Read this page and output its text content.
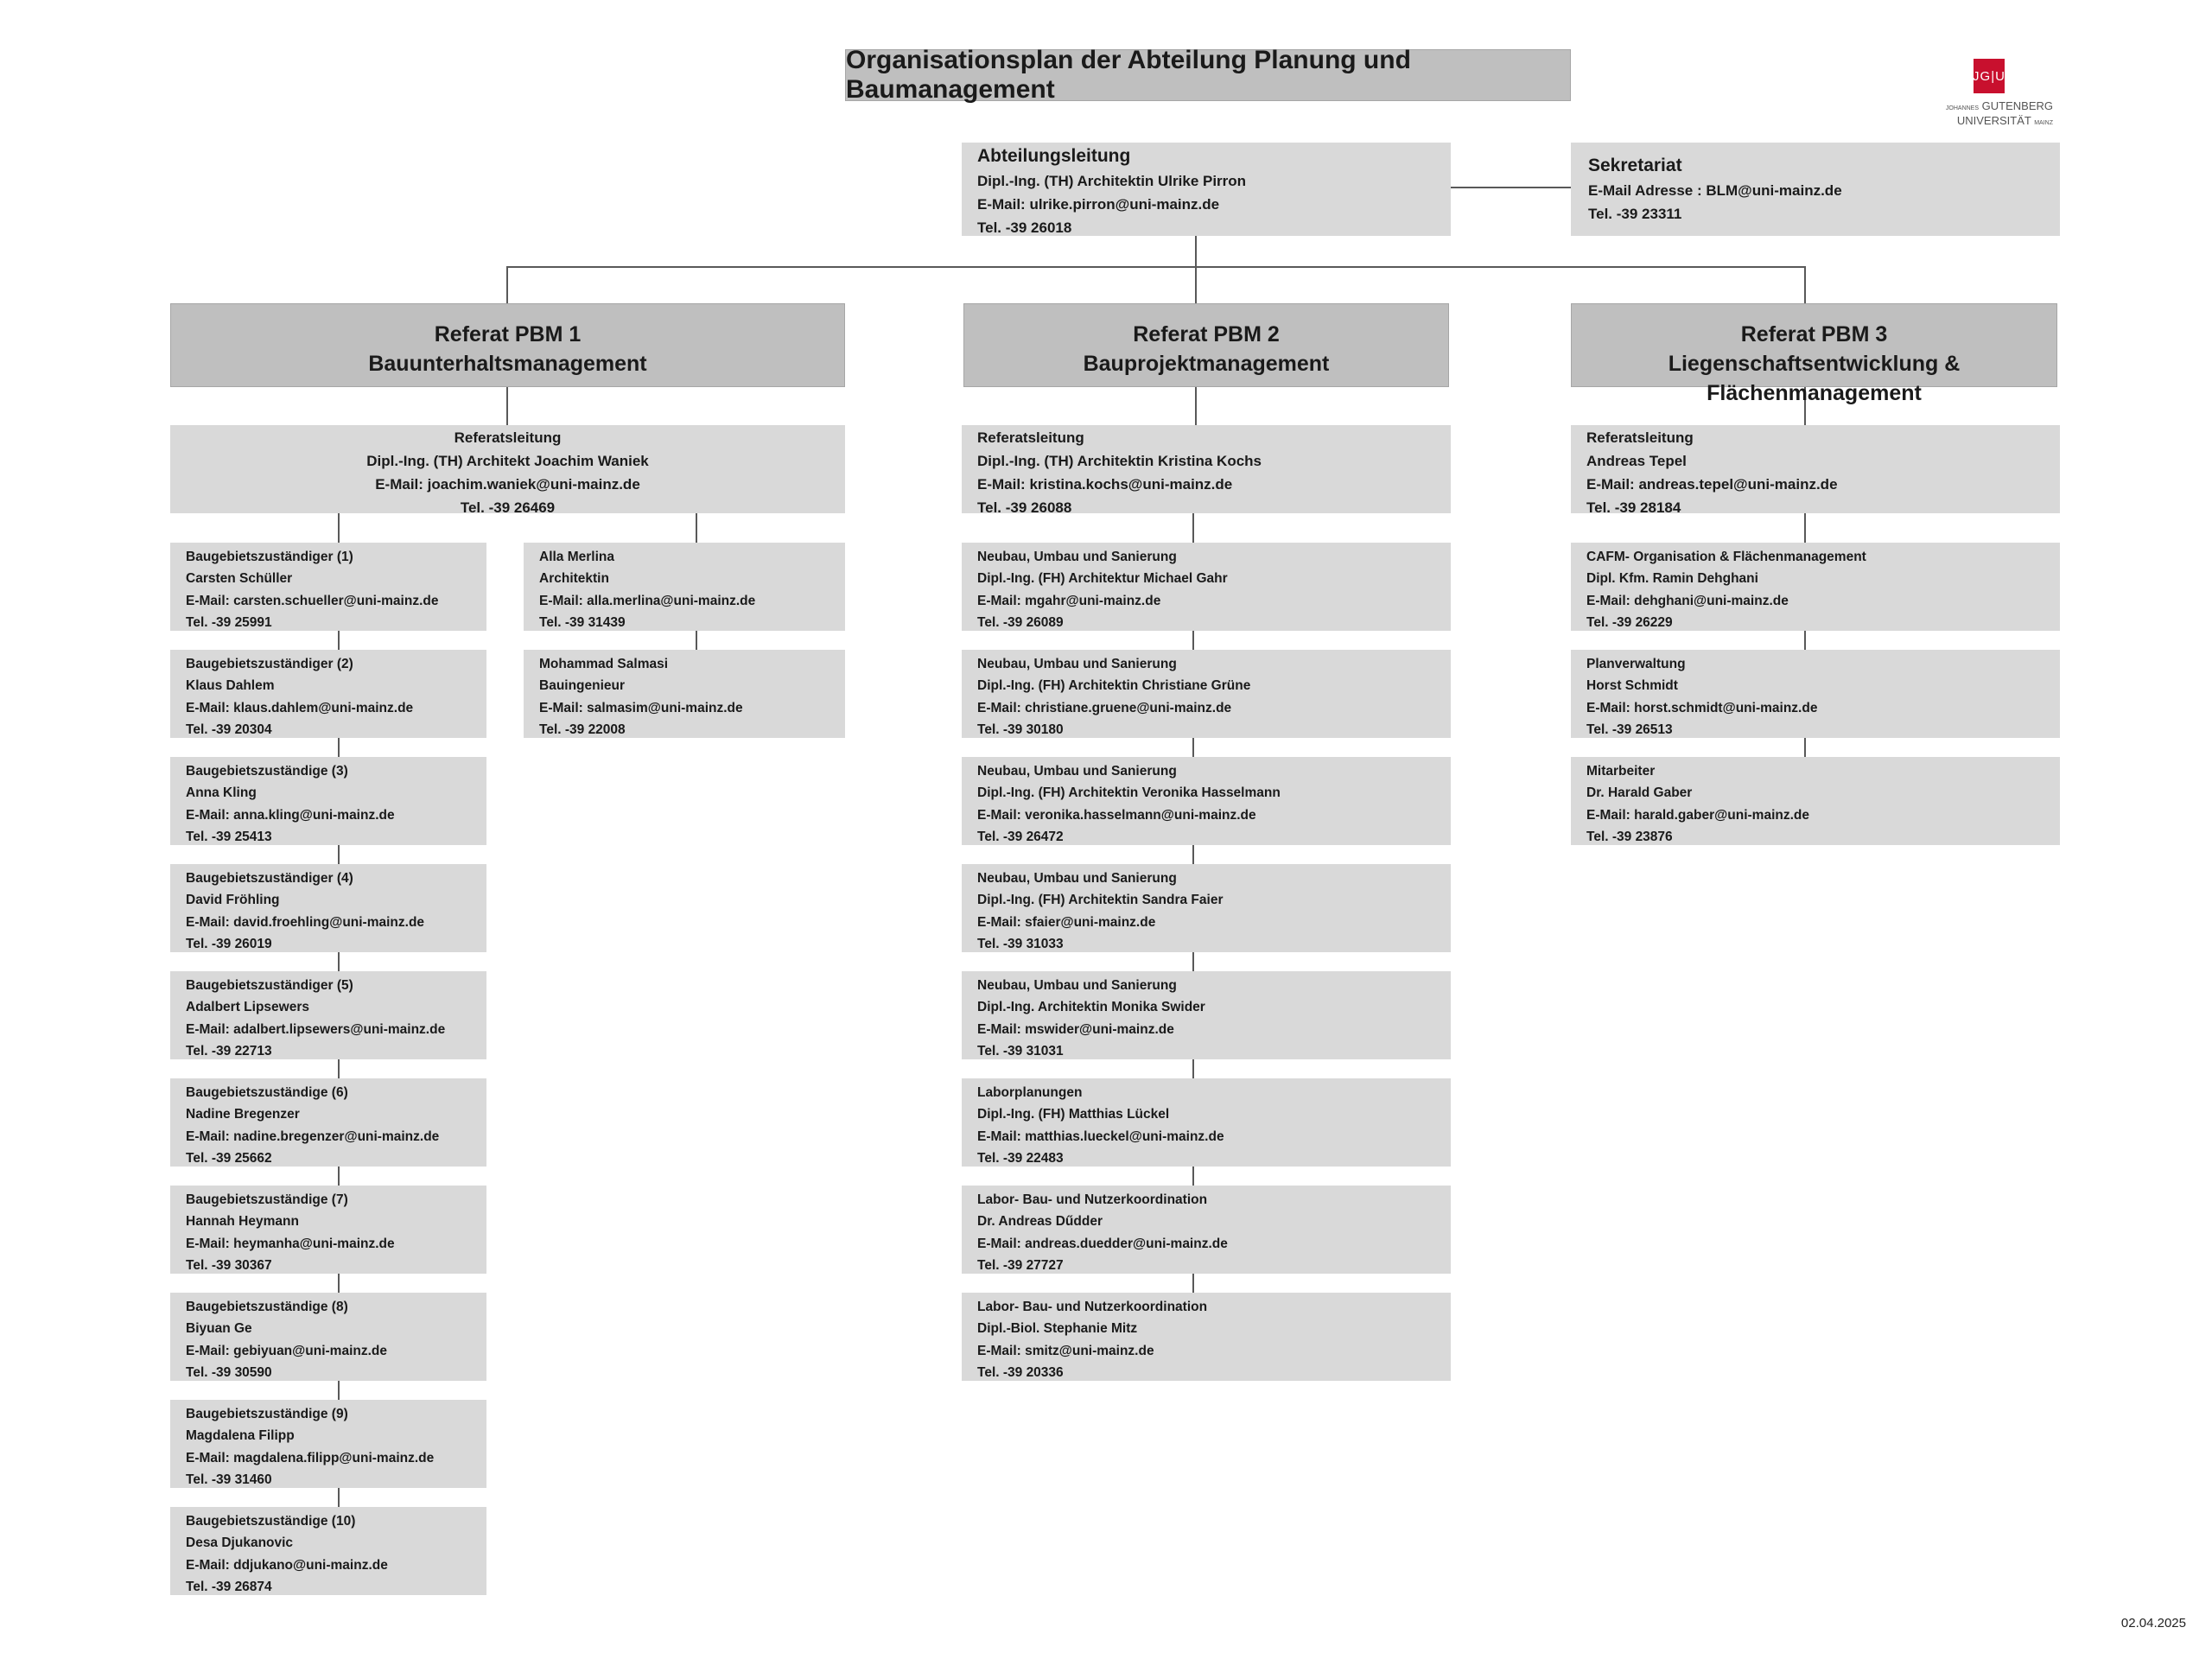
Organisationsplan der Abteilung Planung und Baumanagement	JG|U
JOHANNES GUTENBERG
UNIVERSITÄT MAINZ
Abteilungsleitung
Dipl.-Ing. (TH) Architektin Ulrike Pirron
E-Mail: ulrike.pirron@uni-mainz.de
Tel. -39 26018
Sekretariat
E-Mail Adresse : BLM@uni-mainz.de
Tel. -39 23311
Referat PBM 1
Bauunterhaltsmanagement
Referat PBM 2
Bauprojektmanagement
Referat PBM 3
Liegenschaftsentwicklung & Flächenmanagement
Referatsleitung
Dipl.-Ing. (TH) Architekt Joachim Waniek
E-Mail: joachim.waniek@uni-mainz.de
Tel. -39 26469
Referatsleitung
Dipl.-Ing. (TH) Architektin Kristina Kochs
E-Mail: kristina.kochs@uni-mainz.de
Tel. -39 26088
Referatsleitung
Andreas Tepel
E-Mail: andreas.tepel@uni-mainz.de
Tel. -39 28184
Baugebietszuständiger (1)
Carsten Schüller
E-Mail: carsten.schueller@uni-mainz.de
Tel. -39 25991
Baugebietszuständiger (2)
Klaus Dahlem
E-Mail: klaus.dahlem@uni-mainz.de
Tel. -39 20304
Baugebietszuständige (3)
Anna Kling
E-Mail: anna.kling@uni-mainz.de
Tel. -39 25413
Baugebietszuständiger (4)
David Fröhling
E-Mail: david.froehling@uni-mainz.de
Tel. -39 26019
Baugebietszuständiger (5)
Adalbert Lipsewers
E-Mail: adalbert.lipsewers@uni-mainz.de
Tel. -39 22713
Baugebietszuständige (6)
Nadine Bregenzer
E-Mail: nadine.bregenzer@uni-mainz.de
Tel. -39 25662
Baugebietszuständige (7)
Hannah Heymann
E-Mail: heymanha@uni-mainz.de
Tel. -39 30367
Baugebietszuständige (8)
Biyuan Ge
E-Mail: gebiyuan@uni-mainz.de
Tel. -39 30590
Baugebietszuständige (9)
Magdalena Filipp
E-Mail: magdalena.filipp@uni-mainz.de
Tel. -39 31460
Baugebietszuständige (10)
Desa Djukanovic
E-Mail: ddjukano@uni-mainz.de
Tel. -39 26874
Alla Merlina
Architektin
E-Mail: alla.merlina@uni-mainz.de
Tel. -39 31439
Mohammad Salmasi
Bauingenieur
E-Mail: salmasim@uni-mainz.de
Tel. -39 22008
Neubau, Umbau und Sanierung
Dipl.-Ing. (FH) Architektur Michael Gahr
E-Mail: mgahr@uni-mainz.de
Tel. -39 26089
Neubau, Umbau und Sanierung
Dipl.-Ing. (FH) Architektin Christiane Grüne
E-Mail: christiane.gruene@uni-mainz.de
Tel. -39 30180
Neubau, Umbau und Sanierung
Dipl.-Ing. (FH) Architektin Veronika Hasselmann
E-Mail: veronika.hasselmann@uni-mainz.de
Tel. -39 26472
Neubau, Umbau und Sanierung
Dipl.-Ing. (FH) Architektin Sandra Faier
E-Mail: sfaier@uni-mainz.de
Tel. -39 31033
Neubau, Umbau und Sanierung
Dipl.-Ing. Architektin Monika Swider
E-Mail: mswider@uni-mainz.de
Tel. -39 31031
Laborplanungen
Dipl.-Ing. (FH) Matthias Lückel
E-Mail: matthias.lueckel@uni-mainz.de
Tel. -39 22483
Labor- Bau- und Nutzerkoordination
Dr. Andreas Dűdder
E-Mail: andreas.duedder@uni-mainz.de
Tel. -39 27727
Labor- Bau- und Nutzerkoordination
Dipl.-Biol. Stephanie Mitz
E-Mail: smitz@uni-mainz.de
Tel. -39 20336
CAFM- Organisation & Flächenmanagement
Dipl. Kfm. Ramin Dehghani
E-Mail: dehghani@uni-mainz.de
Tel. -39 26229
Planverwaltung
Horst Schmidt
E-Mail: horst.schmidt@uni-mainz.de
Tel. -39 26513
Mitarbeiter
Dr. Harald Gaber
E-Mail: harald.gaber@uni-mainz.de
Tel. -39 23876
02.04.2025
